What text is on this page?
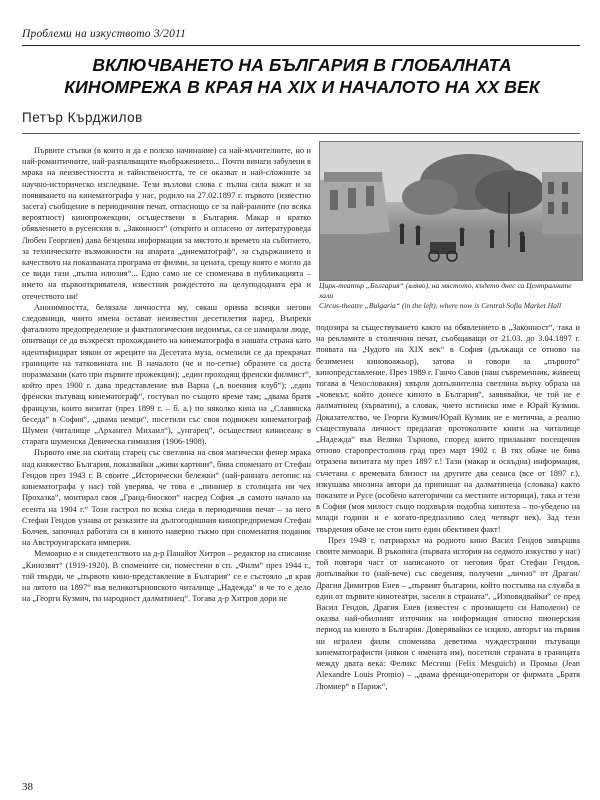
Проблеми на изкуството 3/2011
ВКЛЮЧВАНЕТО НА БЪЛГАРИЯ В ГЛОБАЛНАТА
КИНОМРЕЖА В КРАЯ НА XIX И НАЧАЛОТО НА XX ВЕК
Петър Кърджилов

Първите стъпки (в които и да е полско начинание) са най-мъчителните, но и най-романтичните, най-разпалващите въображението... Почти винаги забулени в мрака на неизвестността и тайнствеността, те се оказват и най-сложните за научно-историческо изследване. Тези възлови слова с пълна сила важат и за появяването на кинематографа у нас, родило на 27.02.1897 г. първото (известно засега) съобщение в периодичния печат, отпаснощо се за пай-ранните (по всяка вероятност) кинопрожекции, осъществени в България. Макар и кратко обявлението в русенския в. „Законност“ (откритo и огласено от литературоведа Любен Георгиев) дава безценна информация за мястото и времето на събитието, за техническите възможности на апарата „динематограф“, за съдържанието и качеството на показваната програма от филми, за цената, срещу която е могло да се види тази „пълна илюзия“... Едно само не се споменава в публикацията – името на първооткривателя, известния рождестото на целупододнатa ера и отечеството ни!

Анонимността, белязала личността му, сякаш ориsва всички негови следовници, чиито имена остават неизвестни десетилетия наред. Въпреки фаталното предопределение и фактологическия недоимък, са се намирали люде, опитващи се да възкресят прохождането на кинематографа в нашата страна като идентифицират някои от жреците на Десетата муза, осмелили се да прекрачат границите на татковината ни. В началото (че и по-сетне) образите са доста поразмазани (като при първите прожекции); „един проходящ френски филмист“, който през 1900 г. дава представление във Варна („в военния клуб“); „един френски пътуващ кинематограф“, гостувал по същото време там; „двама братя французи, които визитат (през 1899 г. – б. а.) по няколко кина на „Славянска беседа“ в София“, „двама немци“, посетили със своя подвижен кинематограф Шумен (читалище „Архангел Михаил“), „унгарец“, осъществил кинисеанс в старата шуменска Девическа гимназия (1906-1908).

Първото име на скитащ старец със светлина на своя магически фенер мрака над княжество България, показвайки „живи картини“, бива споменато от Стефан Гендов през 1943 г. В своите „Исторически бележки“ (най-ранната летопис на кинематографа у нас) той уверява, че това е „пининер в столицата ни чех Прохазка“, монтирал своя „Гранд-биоскоп“ насред София „в самото начало на есента на 1904 г.“ Този гастрол по всяка следа в периодичния печат – за него Стефан Гендов узнава от разказите на дългогодишния кинопредприемач Стефан Болчев, започнал работата си в киното наверно тъкмо при споменатия поданик на Австроунгарската империя.

Мемоарно е и свидетелството на д-р Панайот Хитров – редактор на списание „Кинозвят“ (1919-1920). В спомените си, поместени в сп. „Филм“ през 1944 г., той твърди, че „първото кино-представление в България“ се е състояло „в края на лятото на 1897“ във великотърновското читалище „Надежда“ и че то е дело на „Георги Кузмич, по народност далматинец“. Тогава д-р Хитров дори не

Цирк-театър „България“ (вляво), на мястото, където днес са Централните хали

Circus-theatre „Bulgaria“ (in the left), where now is Central Sofia Market Hall

подозира за съществуването както на обявлението в „Законност“, така и на рекламите в столичния печат, съобщаващи от 21.03. до 3.04.1897 г. появата на „Чудото на XIX век“ в София (дължаща се отново на безименен киновоажьор), затова и говори за „първото“ кинопредставление. През 1989 г. Ганчо Савов (наш съвременник, живеещ тогава в Чехословакия) хвърля допълнителна светлина върху образа на „човекът, който донесе киното в България“, заявявайки, че той не е далматинец (хърватин), а словак, чието истинско име е Юрай Кузмик. Доказателство, че Георги Кузмич/Юрай Кузмик не е митична, а реално съществувала личност предлагат протоколните книги на читалище „Надежда“ във Велико Търново, според които прилаьнят посещения отново старопрестолния град през март 1902 г. В тях обаче не бива отразена визитата му през 1897 г.! Тази (макар и оскъдна) информация, съчетана с времевата близост на другите два сеанса (все от 1897 г.), изкушава мнозина автори да припишат на далматинеца (словака) както показите и Русе (особено категорични са местните историци), така и тези в София (моя милост също подхвърля подобна хипотеза – по-убедено на млади години и е когато-предпазливо след четвърт век). Зад тези твърдения обаче не стои нито един обективен факт!

През 1949 г. патриархът на родното кино Васил Гендов завършва своите мемоари. В ръкописа (първата история на седмото изкуство у нас) той повтаря част от написаното от неговия брат Стефан Гендов, допълвайки го (най-вече) със сведения, получени „лично“ от Драган/Драгия Димитров Енев – „първият българин, който постъпва на служба в един от първите кинотеатри, засели в страната“. „Изповядвайки“ се пред Васил Гендов, Драгия Енев (известен с прозвището си Наполеон) се оказва най-обилният източник на информация относно пионерския период на киното в България. Доверявайки се изцяло, авторът на първия ни игрален филм споменава деветима чуждестранни пътуващи кинематографисти (някои с имената им), посетили страната в границата между двата века: Феликс Месгиш (Felix Mesguich) и Промьо (Jean Alexandre Louis Promio) – „двама френци-оператори от фирмата „Братя Люмиер“ в Париж“,

38
